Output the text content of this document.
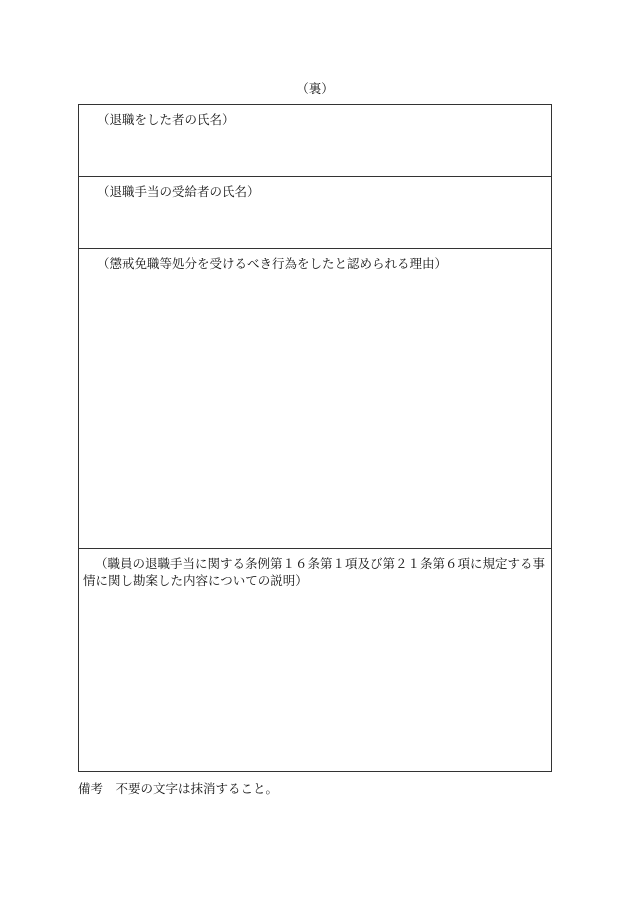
（裏）
（退職をした者の氏名）
（退職手当の受給者の氏名）
（懲戒免職等処分を受けるべき行為をしたと認められる理由）
（職員の退職手当に関する条例第１６条第１項及び第２１条第６項に規定する事情に関し勘案した内容についての説明）
備考　不要の文字は抹消すること。
